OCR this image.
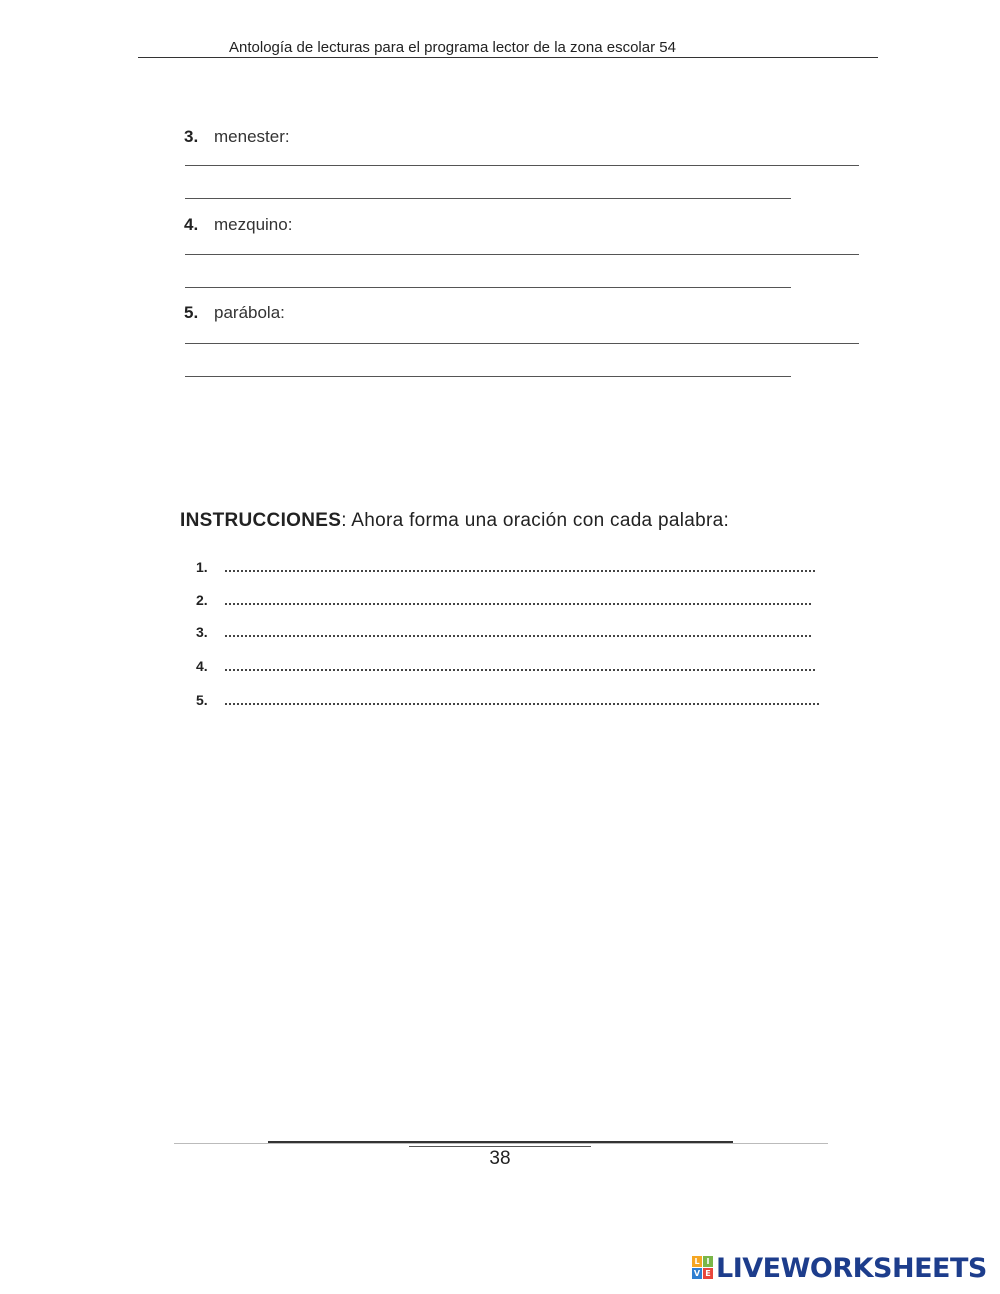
Antología de lecturas para el programa lector de la zona escolar 54
3. menester:
4. mezquino:
5. parábola:
INSTRUCCIONES: Ahora forma una oración con cada palabra:
1.
2.
3.
4.
5.
38
L I
V E LIVEWORKSHEETS
